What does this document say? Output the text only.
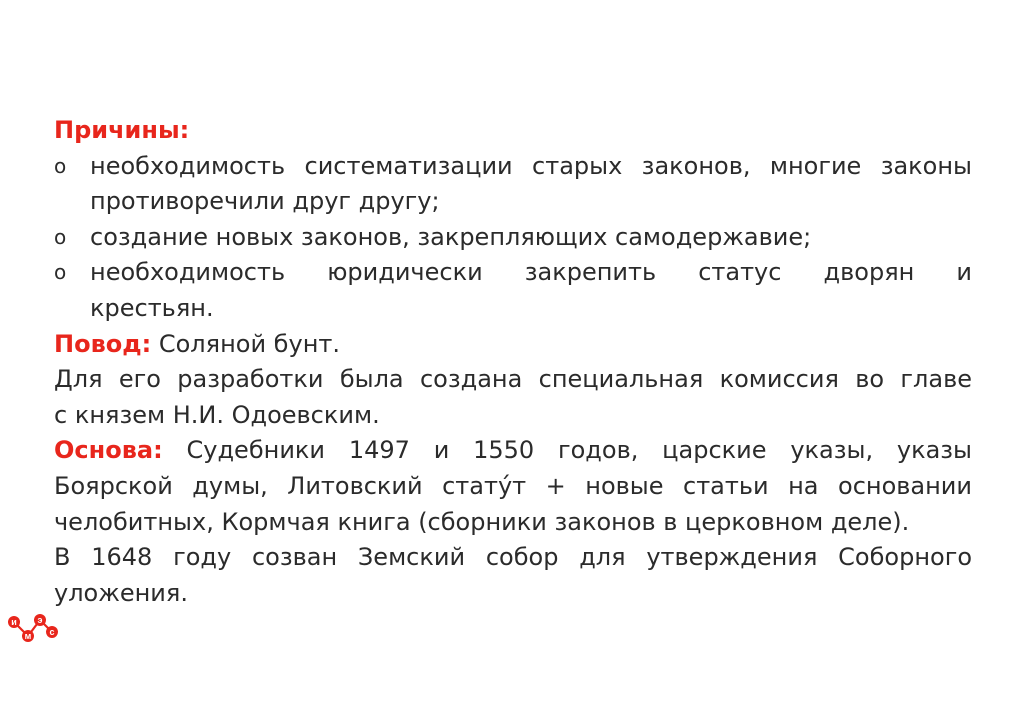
Причины:
o необходимость систематизации старых законов, многие законы
противоречили друг другу;
o создание новых законов, закрепляющих самодержавие;
o необходимость юридически закрепить статус дворян и
крестьян.
Повод: Соляной бунт.
Для его разработки была создана специальная комиссия во главе
с князем Н.И. Одоевским.
Основа: Судебники 1497 и 1550 годов, царские указы, указы
Боярской думы, Литовский стату́т + новые статьи на основании
челобитных, Кормчая книга (сборники законов в церковном деле).
В 1648 году созван Земский собор для утверждения Соборного
уложения.
и
м
э
с
